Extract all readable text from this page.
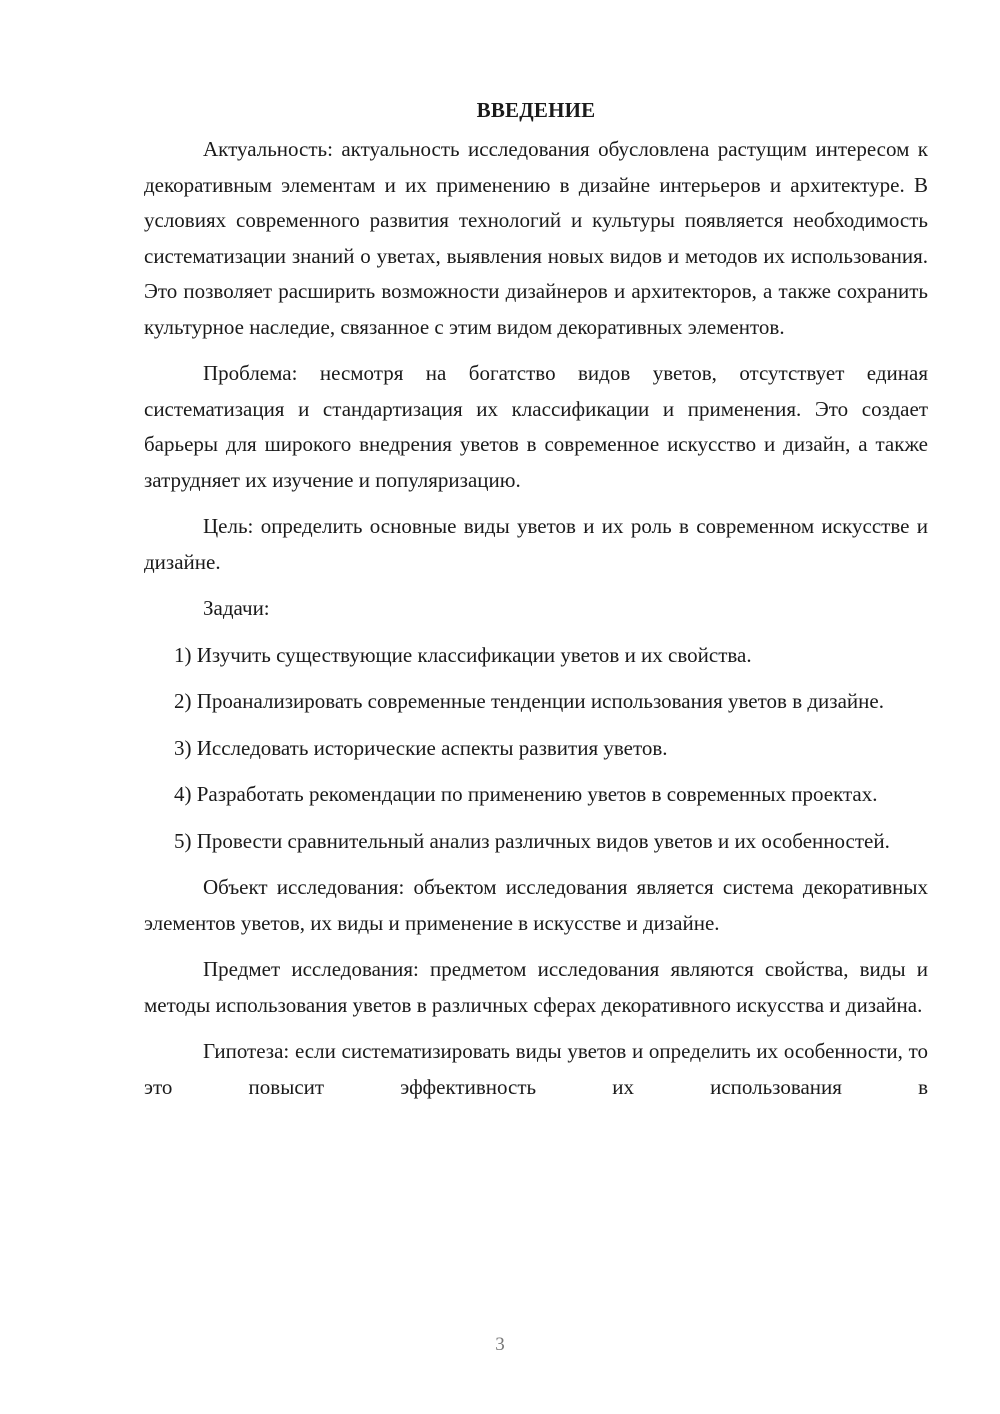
ВВЕДЕНИЕ

Актуальность: актуальность исследования обусловлена растущим интересом к декоративным элементам и их применению в дизайне интерьеров и архитектуре. В условиях современного развития технологий и культуры появляется необходимость систематизации знаний о уветах, выявления новых видов и методов их использования. Это позволяет расширить возможности дизайнеров и архитекторов, а также сохранить культурное наследие, связанное с этим видом декоративных элементов.

Проблема: несмотря на богатство видов уветов, отсутствует единая систематизация и стандартизация их классификации и применения. Это создает барьеры для широкого внедрения уветов в современное искусство и дизайн, а также затрудняет их изучение и популяризацию.

Цель: определить основные виды уветов и их роль в современном искусстве и дизайне.

Задачи:

1) Изучить существующие классификации уветов и их свойства.

2) Проанализировать современные тенденции использования уветов в дизайне.

3) Исследовать исторические аспекты развития уветов.

4) Разработать рекомендации по применению уветов в современных проектах.

5) Провести сравнительный анализ различных видов уветов и их особенностей.

Объект исследования: объектом исследования является система декоративных элементов уветов, их виды и применение в искусстве и дизайне.

Предмет исследования: предметом исследования являются свойства, виды и методы использования уветов в различных сферах декоративного искусства и дизайна.

Гипотеза: если систематизировать виды уветов и определить их особенности, то это повысит эффективность их использования в

3
